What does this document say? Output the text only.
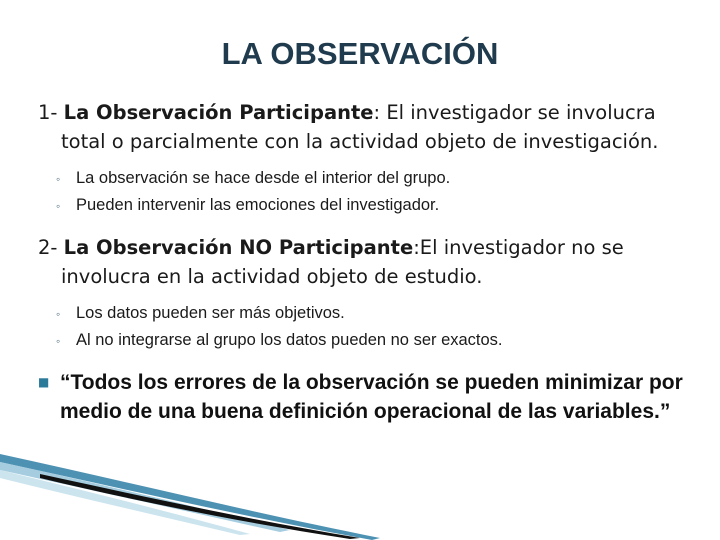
LA OBSERVACIÓN
1- La Observación Participante: El investigador se involucra total o parcialmente con la actividad objeto de investigación.
◦ La observación se hace desde el interior del grupo.
◦ Pueden intervenir las emociones del investigador.
2- La Observación NO Participante:El investigador no se involucra en la actividad objeto de estudio.
◦ Los datos pueden ser más objetivos.
◦ Al no integrarse al grupo los datos pueden no ser exactos.
■ “Todos los errores de la observación se pueden minimizar por medio de una buena definición operacional de las variables.”
